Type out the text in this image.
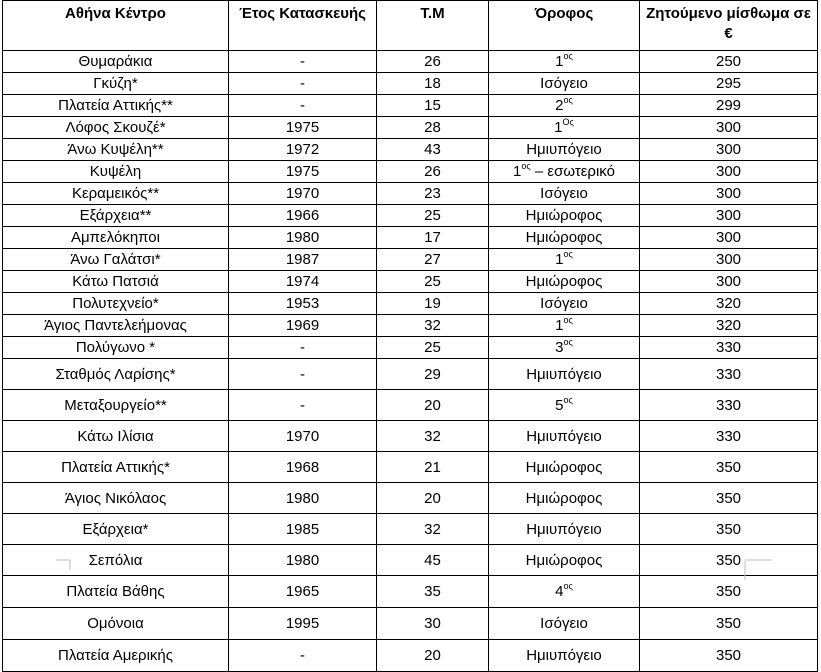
Αθήνα Κέντρο	Έτος Κατασκευής	Τ.Μ	Όροφος	Ζητούμενο μίσθωμα σε €
Θυμαράκια	-	26	$1^{o\varsigma}$	250
Γκύζη*	-	18	Ισόγειο	295
Πλατεία Αττικής**	-	15	$2^{o\varsigma}$	299
Λόφος Σκουζέ*	1975	28	$1^{O\varsigma}$	300
Άνω Κυψέλη**	1972	43	Ημιυπόγειο	300
Κυψέλη	1975	26	$1^{o\varsigma}$ – εσωτερικό	300
Κεραμεικός**	1970	23	Ισόγειο	300
Εξάρχεια**	1966	25	Ημιώροφος	300
Αμπελόκηποι	1980	17	Ημιώροφος	300
Άνω Γαλάτσι*	1987	27	$1^{o\varsigma}$	300
Κάτω Πατσιά	1974	25	Ημιώροφος	300
Πολυτεχνείο*	1953	19	Ισόγειο	320
Άγιος Παντελεήμονας	1969	32	$1^{o\varsigma}$	320
Πολύγωνο *	-	25	$3^{o\varsigma}$	330
Σταθμός Λαρίσης*	-	29	Ημιυπόγειο	330
Μεταξουργείο**	-	20	$5^{o\varsigma}$	330
Κάτω Ιλίσια	1970	32	Ημιυπόγειο	330
Πλατεία Αττικής*	1968	21	Ημιώροφος	350
Άγιος Νικόλαος	1980	20	Ημιώροφος	350
Εξάρχεια*	1985	32	Ημιυπόγειο	350
Σεπόλια	1980	45	Ημιώροφος	350
Πλατεία Βάθης	1965	35	$4^{o\varsigma}$	350
Ομόνοια	1995	30	Ισόγειο	350
Πλατεία Αμερικής	-	20	Ημιυπόγειο	350
